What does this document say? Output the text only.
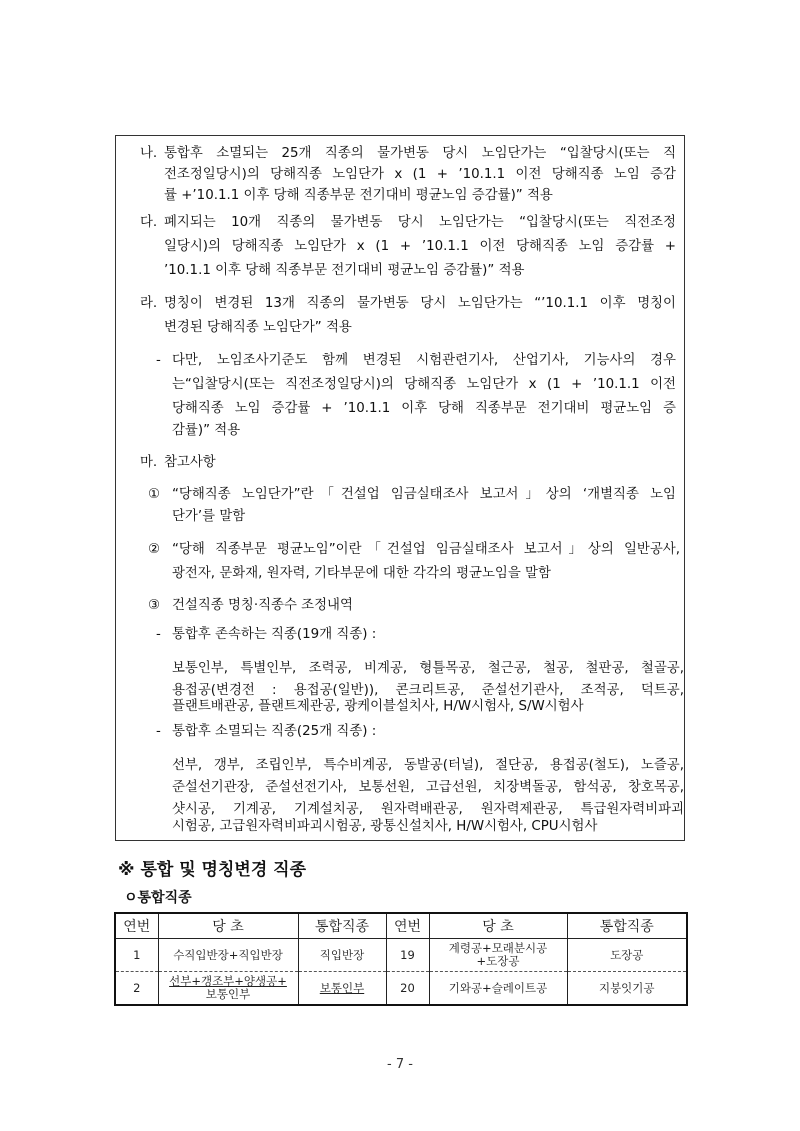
나. 통합후 소멸되는 25개 직종의 물가변동 당시 노임단가는 “입찰당시(또는 직
전조정일당시)의 당해직종 노임단가 x (1 + ’10.1.1 이전 당해직종 노임 증감
률 +’10.1.1 이후 당해 직종부문 전기대비 평균노임 증감률)” 적용
다. 폐지되는 10개 직종의 물가변동 당시 노임단가는 “입찰당시(또는 직전조정
일당시)의 당해직종 노임단가 x (1 + ’10.1.1 이전 당해직종 노임 증감률 +
’10.1.1 이후 당해 직종부문 전기대비 평균노임 증감률)” 적용
라. 명칭이 변경된 13개 직종의 물가변동 당시 노임단가는 “’10.1.1 이후 명칭이
변경된 당해직종 노임단가” 적용
- 다만, 노임조사기준도 함께 변경된 시험관련기사, 산업기사, 기능사의 경우
는“입찰당시(또는 직전조정일당시)의 당해직종 노임단가 x (1 + ’10.1.1 이전
당해직종 노임 증감률 + ’10.1.1 이후 당해 직종부문 전기대비 평균노임 증
감률)” 적용
마. 참고사항
① “당해직종 노임단가”란「건설업 임금실태조사 보고서」상의 ‘개별직종 노임
단가’를 말함
② “당해 직종부문 평균노임”이란「건설업 임금실태조사 보고서」상의 일반공사,
광전자, 문화재, 원자력, 기타부문에 대한 각각의 평균노임을 말함
③ 건설직종 명칭·직종수 조정내역
- 통합후 존속하는 직종(19개 직종) :
보통인부, 특별인부, 조력공, 비계공, 형틀목공, 철근공, 철공, 철판공, 철골공,
용접공(변경전 : 용접공(일반)), 콘크리트공, 준설선기관사, 조적공, 덕트공,
플랜트배관공, 플랜트제관공, 광케이블설치사, H/W시험사, S/W시험사
- 통합후 소멸되는 직종(25개 직종) :
선부, 갱부, 조립인부, 특수비계공, 동발공(터널), 절단공, 용접공(철도), 노즐공,
준설선기관장, 준설선전기사, 보통선원, 고급선원, 치장벽돌공, 함석공, 창호목공,
샷시공, 기계공, 기계설치공, 원자력배관공, 원자력제관공, 특급원자력비파괴
시험공, 고급원자력비파괴시험공, 광통신설치사, H/W시험사, CPU시험사
※ 통합 및 명칭변경 직종
ㅇ통합직종
연번	당 초	통합직종	연번	당 초	통합직종
1	수직입반장+직입반장	직입반장	19	계령공+모래분시공
+도장공	도장공
2	선부+갱조부+양생공+
보통인부	보통인부	20	기와공+슬레이트공	지붕잇기공
- 7 -
